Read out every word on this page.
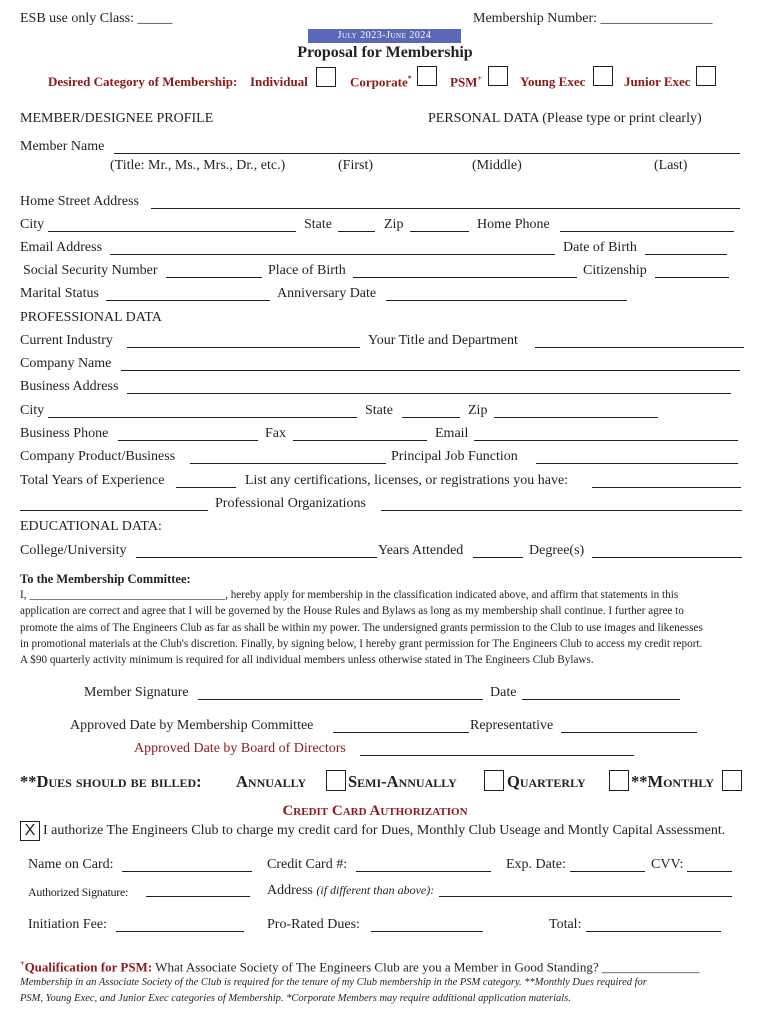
ESB use only Class: _____	Membership Number: ________________
July 2023-June 2024
Proposal for Membership
Desired Category of Membership: Individual	Corporate*	PSM+	Young Exec	Junior Exec
MEMBER/DESIGNEE PROFILE	PERSONAL DATA (Please type or print clearly)
Member Name
(Title: Mr., Ms., Mrs., Dr., etc.)	(First)	(Middle)	(Last)
Home Street Address
City	State	Zip	Home Phone
Email Address	Date of Birth
Social Security Number	Place of Birth	Citizenship
Marital Status	Anniversary Date
PROFESSIONAL DATA
Current Industry	Your Title and Department
Company Name
Business Address
City	State	Zip
Business Phone	Fax	Email
Company Product/Business	Principal Job Function
Total Years of Experience	List any certifications, licenses, or registrations you have:
Professional Organizations
EDUCATIONAL DATA:
College/University	Years Attended	Degree(s)
To the Membership Committee:

I, ___________________________________, hereby apply for membership in the classification indicated above, and affirm that statements in this

application are correct and agree that I will be governed by the House Rules and Bylaws as long as my membership shall continue. I further agree to

promote the aims of The Engineers Club as far as shall be within my power. The undersigned grants permission to the Club to use images and likenesses

in promotional materials at the Club's discretion. Finally, by signing below, I hereby grant permission for The Engineers Club to access my credit report.

A $90 quarterly activity minimum is required for all individual members unless otherwise stated in The Engineers Club Bylaws.

Member Signature	Date
Approved Date by Membership Committee	Representative
Approved Date by Board of Directors
**Dues should be billed: Annually	Semi-Annually	Quarterly	**Monthly
Credit Card Authorization
X I authorize The Engineers Club to charge my credit card for Dues, Monthly Club Useage and Montly Capital Assessment.
Name on Card:	Credit Card #:	Exp. Date:	CVV:
Authorized Signature:	Address (if different than above):
Initiation Fee:	Pro-Rated Dues:	Total:
+Qualification for PSM: What Associate Society of The Engineers Club are you a Member in Good Standing? _______________
Membership in an Associate Society of the Club is required for the tenure of my Club membership in the PSM category. **Monthly Dues required for
PSM, Young Exec, and Junior Exec categories of Membership. *Corporate Members may require additional application materials.
